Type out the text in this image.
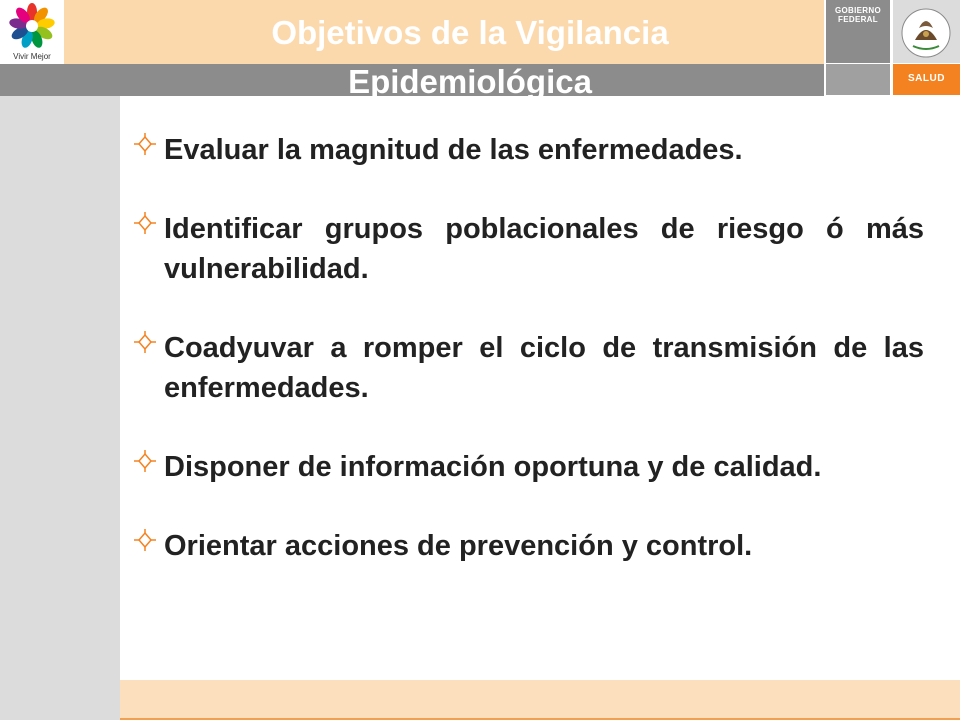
Vivir Mejor
Objetivos de la Vigilancia Epidemiológica
GOBIERNO FEDERAL
SALUD
Evaluar la magnitud de las enfermedades.
Identificar grupos poblacionales de riesgo ó más vulnerabilidad.
Coadyuvar a romper el ciclo de transmisión de las enfermedades.
Disponer de información oportuna y de calidad.
Orientar acciones de prevención y control.
